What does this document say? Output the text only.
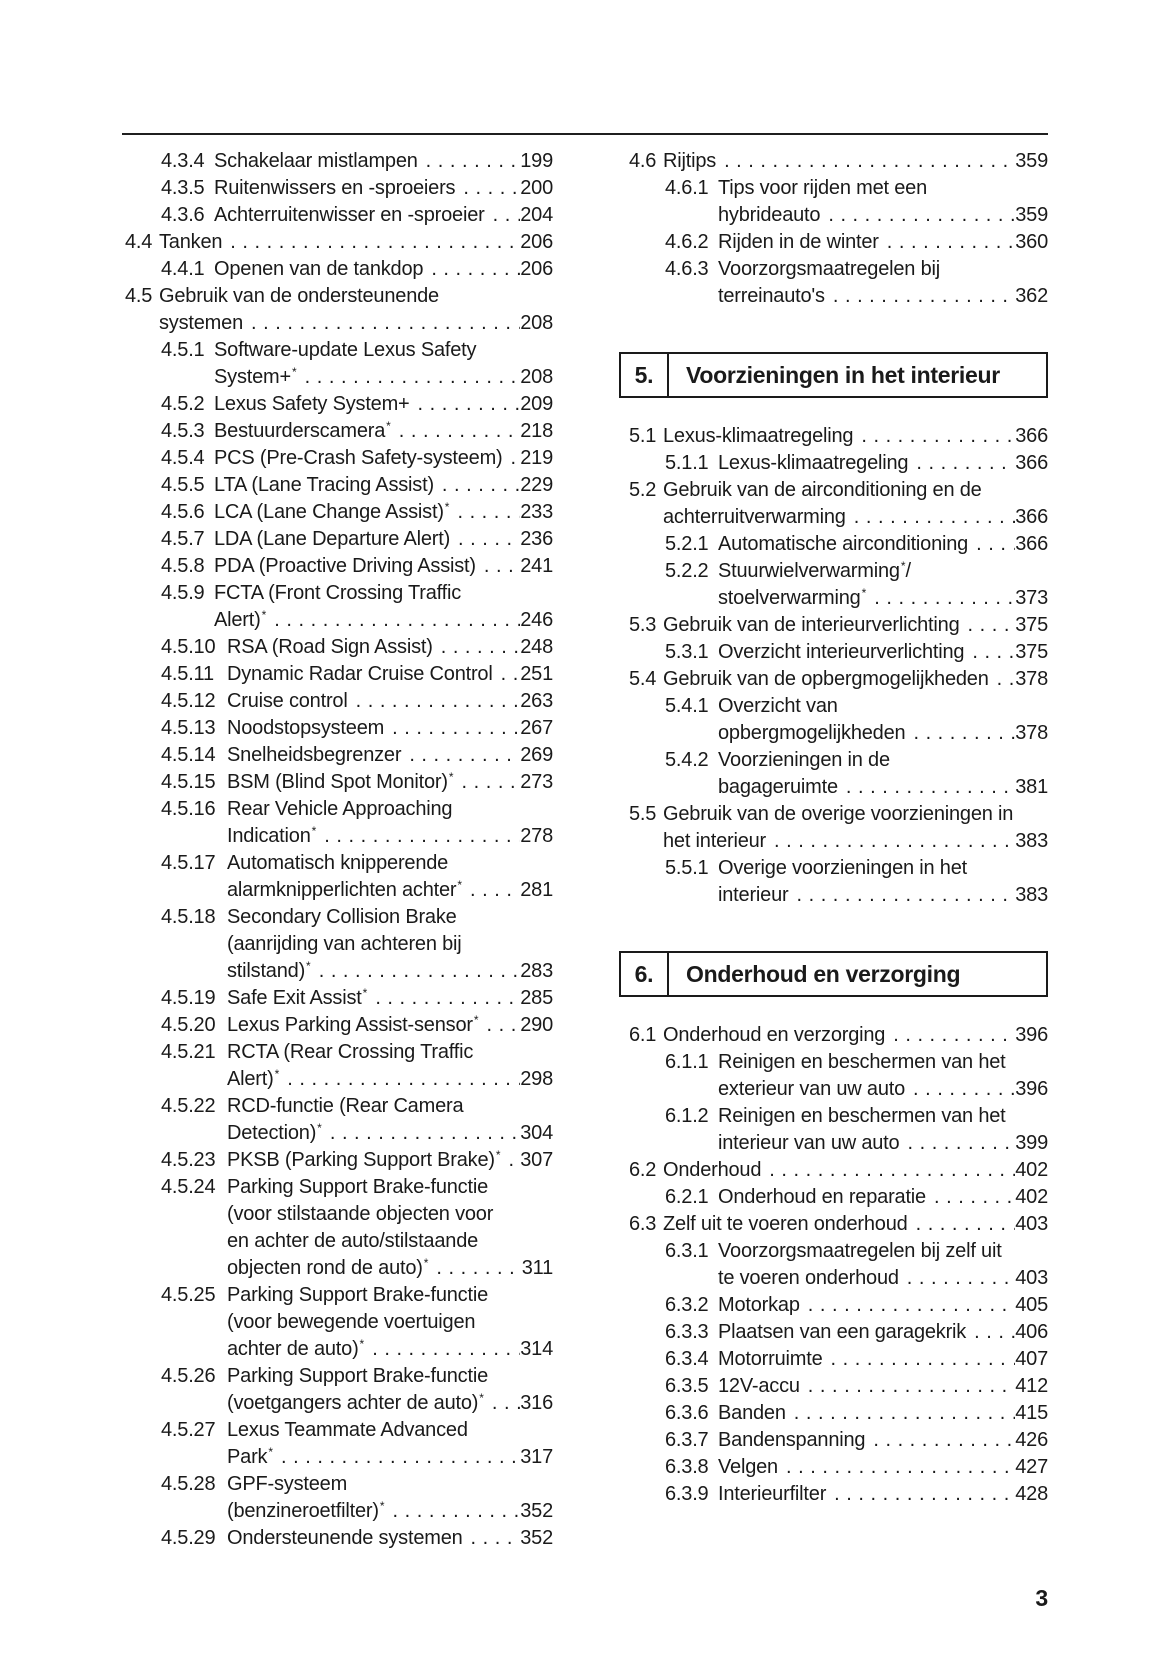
4.3.4 Schakelaar mistlampen . . .	199
4.3.5 Ruitenwissers en -sproeiers . . .	200
4.3.6 Achterruitenwisser en -sproeier . . . 204
4.4 Tanken . . .	206
4.4.1 Openen van de tankdop . . .	206
4.5 Gebruik van de ondersteunende
systemen . . .	208
4.5.1 Software-update Lexus Safety
System+* . . .	208
4.5.2 Lexus Safety System+ . . .	209
4.5.3 Bestuurderscamera* . . .	218
4.5.4 PCS (Pre-Crash Safety-systeem) . . . 219
4.5.5 LTA (Lane Tracing Assist) . . .	229
4.5.6 LCA (Lane Change Assist)* . . .	233
4.5.7 LDA (Lane Departure Alert) . . .	236
4.5.8 PDA (Proactive Driving Assist) . . . 241
4.5.9 FCTA (Front Crossing Traffic
Alert)* . . .	246
4.5.10 RSA (Road Sign Assist) . . .	248
4.5.11 Dynamic Radar Cruise Control . . . 251
4.5.12 Cruise control . . .	263
4.5.13 Noodstopsysteem . . .	267
4.5.14 Snelheidsbegrenzer . . .	269
4.5.15 BSM (Blind Spot Monitor)* . . .	273
4.5.16 Rear Vehicle Approaching
Indication* . . .	278
4.5.17 Automatisch knipperende
alarmknipperlichten achter* . . .	281
4.5.18 Secondary Collision Brake
(aanrijding van achteren bij
stilstand)* . . .	283
4.5.19 Safe Exit Assist* . . .	285
4.5.20 Lexus Parking Assist-sensor* . . . 290
4.5.21 RCTA (Rear Crossing Traffic
Alert)* . . .	298
4.5.22 RCD-functie (Rear Camera
Detection)* . . .	304
4.5.23 PKSB (Parking Support Brake)* . . . 307
4.5.24 Parking Support Brake-functie
(voor stilstaande objecten voor
en achter de auto/stilstaande
objecten rond de auto)* . . .	311
4.5.25 Parking Support Brake-functie
(voor bewegende voertuigen
achter de auto)* . . .	314
4.5.26 Parking Support Brake-functie
(voetgangers achter de auto)* . . . 316
4.5.27 Lexus Teammate Advanced
Park* . . .	317
4.5.28 GPF-systeem
(benzineroetfilter)* . . .	352
4.5.29 Ondersteunende systemen . . .	352
4.6 Rijtips . . .	359
4.6.1 Tips voor rijden met een
hybrideauto . . .	359
4.6.2 Rijden in de winter . . .	360
4.6.3 Voorzorgsmaatregelen bij
terreinauto's . . .	362
5.	Voorzieningen in het interieur
5.1 Lexus-klimaatregeling . . .	366
5.1.1 Lexus-klimaatregeling . . .	366
5.2 Gebruik van de airconditioning en de
achterruitverwarming . . .	366
5.2.1 Automatische airconditioning . . . 366
5.2.2 Stuurwielverwarming*/
stoelverwarming* . . .	373
5.3 Gebruik van de interieurverlichting . . .	375
5.3.1 Overzicht interieurverlichting . . .	375
5.4 Gebruik van de opbergmogelijkheden . . . 378
5.4.1 Overzicht van
opbergmogelijkheden . . .	378
5.4.2 Voorzieningen in de
bagageruimte . . .	381
5.5 Gebruik van de overige voorzieningen in
het interieur . . .	383
5.5.1 Overige voorzieningen in het
interieur . . .	383
6.	Onderhoud en verzorging
6.1 Onderhoud en verzorging . . .	396
6.1.1 Reinigen en beschermen van het
exterieur van uw auto . . .	396
6.1.2 Reinigen en beschermen van het
interieur van uw auto . . .	399
6.2 Onderhoud . . .	402
6.2.1 Onderhoud en reparatie . . .	402
6.3 Zelf uit te voeren onderhoud . . .	403
6.3.1 Voorzorgsmaatregelen bij zelf uit
te voeren onderhoud . . .	403
6.3.2 Motorkap . . .	405
6.3.3 Plaatsen van een garagekrik . . . 406
6.3.4 Motorruimte . . .	407
6.3.5 12V-accu . . .	412
6.3.6 Banden . . .	415
6.3.7 Bandenspanning . . .	426
6.3.8 Velgen . . .	427
6.3.9 Interieurfilter . . .	428
3
